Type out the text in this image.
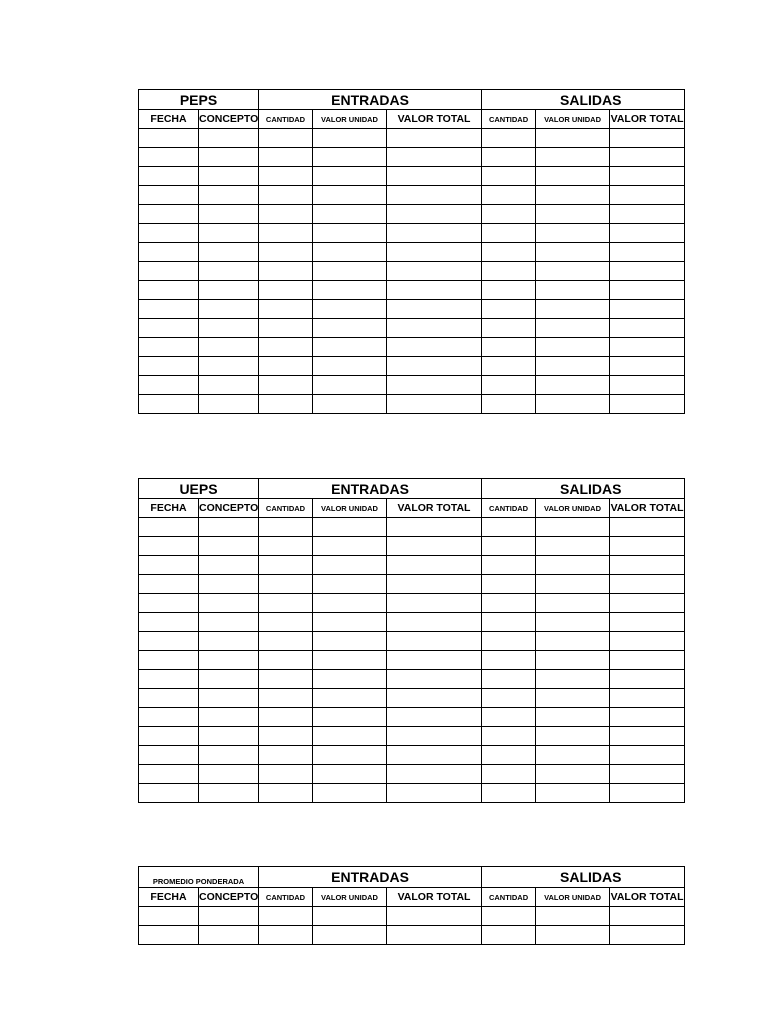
PEPS		ENTRADAS			SALIDAS		
FECHA	CONCEPTO	CANTIDAD	VALOR UNIDAD	VALOR TOTAL	CANTIDAD	VALOR UNIDAD	VALOR TOTAL

UEPS		ENTRADAS			SALIDAS		
FECHA	CONCEPTO	CANTIDAD	VALOR UNIDAD	VALOR TOTAL	CANTIDAD	VALOR UNIDAD	VALOR TOTAL

PROMEDIO PONDERADA		ENTRADAS			SALIDAS		
FECHA	CONCEPTO	CANTIDAD	VALOR UNIDAD	VALOR TOTAL	CANTIDAD	VALOR UNIDAD	VALOR TOTAL
